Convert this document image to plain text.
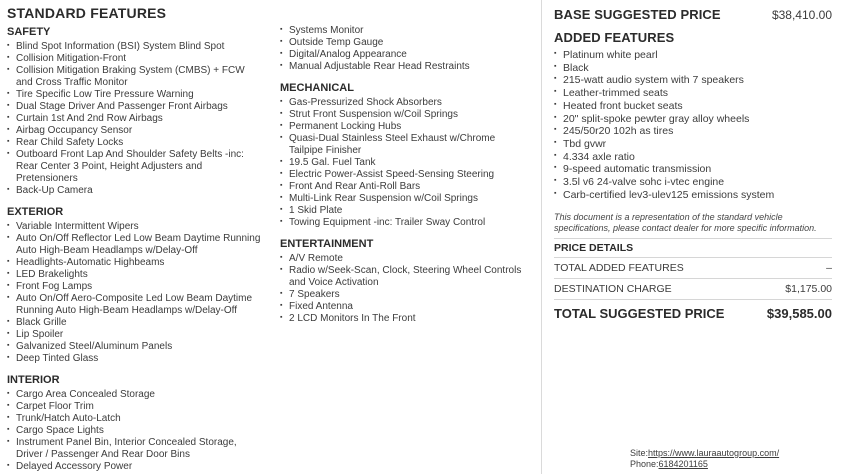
STANDARD FEATURES
SAFETY
▪ Blind Spot Information (BSI) System Blind Spot
▪ Collision Mitigation-Front
▪ Collision Mitigation Braking System (CMBS) + FCW and Cross Traffic Monitor
▪ Tire Specific Low Tire Pressure Warning
▪ Dual Stage Driver And Passenger Front Airbags
▪ Curtain 1st And 2nd Row Airbags
▪ Airbag Occupancy Sensor
▪ Rear Child Safety Locks
▪ Outboard Front Lap And Shoulder Safety Belts -inc: Rear Center 3 Point, Height Adjusters and Pretensioners
▪ Back-Up Camera
EXTERIOR
▪ Variable Intermittent Wipers
▪ Auto On/Off Reflector Led Low Beam Daytime Running Auto High-Beam Headlamps w/Delay-Off
▪ Headlights-Automatic Highbeams
▪ LED Brakelights
▪ Front Fog Lamps
▪ Auto On/Off Aero-Composite Led Low Beam Daytime Running Auto High-Beam Headlamps w/Delay-Off
▪ Black Grille
▪ Lip Spoiler
▪ Galvanized Steel/Aluminum Panels
▪ Deep Tinted Glass
INTERIOR
▪ Cargo Area Concealed Storage
▪ Carpet Floor Trim
▪ Trunk/Hatch Auto-Latch
▪ Cargo Space Lights
▪ Instrument Panel Bin, Interior Concealed Storage, Driver / Passenger And Rear Door Bins
▪ Delayed Accessory Power
▪ Systems Monitor
▪ Outside Temp Gauge
▪ Digital/Analog Appearance
▪ Manual Adjustable Rear Head Restraints
MECHANICAL
▪ Gas-Pressurized Shock Absorbers
▪ Strut Front Suspension w/Coil Springs
▪ Permanent Locking Hubs
▪ Quasi-Dual Stainless Steel Exhaust w/Chrome Tailpipe Finisher
▪ 19.5 Gal. Fuel Tank
▪ Electric Power-Assist Speed-Sensing Steering
▪ Front And Rear Anti-Roll Bars
▪ Multi-Link Rear Suspension w/Coil Springs
▪ 1 Skid Plate
▪ Towing Equipment -inc: Trailer Sway Control
ENTERTAINMENT
▪ A/V Remote
▪ Radio w/Seek-Scan, Clock, Steering Wheel Controls and Voice Activation
▪ 7 Speakers
▪ Fixed Antenna
▪ 2 LCD Monitors In The Front
BASE SUGGESTED PRICE	$38,410.00
ADDED FEATURES
▪ Platinum white pearl
▪ Black
▪ 215-watt audio system with 7 speakers
▪ Leather-trimmed seats
▪ Heated front bucket seats
▪ 20" split-spoke pewter gray alloy wheels
▪ 245/50r20 102h as tires
▪ Tbd gvwr
▪ 4.334 axle ratio
▪ 9-speed automatic transmission
▪ 3.5l v6 24-valve sohc i-vtec engine
▪ Carb-certified lev3-ulev125 emissions system

This document is a representation of the standard vehicle specifications, please contact dealer for more specific information.

PRICE DETAILS
TOTAL ADDED FEATURES	–
DESTINATION CHARGE	$1,175.00
TOTAL SUGGESTED PRICE	$39,585.00
Site:https://www.lauraautogroup.com/
Phone:6184201165
